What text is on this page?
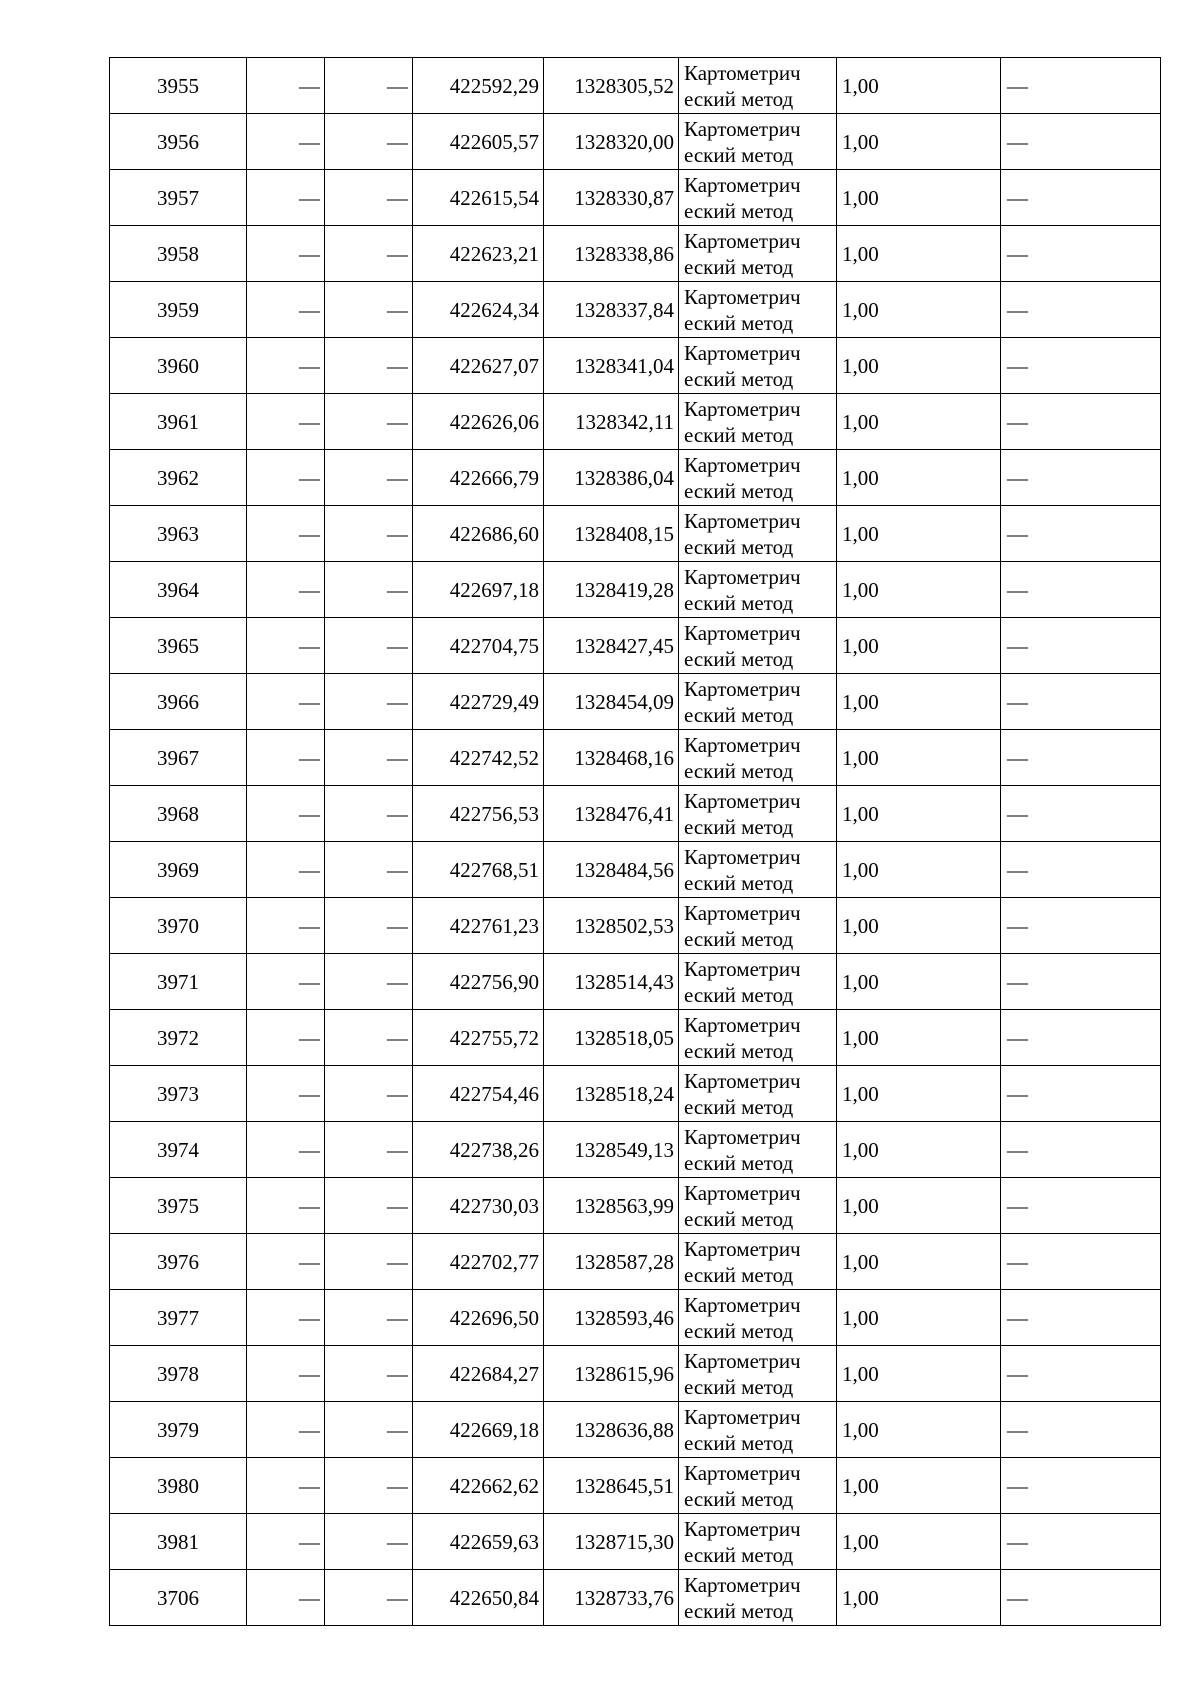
3955	—	—	422592,29	1328305,52	Картометрич
еский метод	1,00	—
3956	—	—	422605,57	1328320,00	Картометрич
еский метод	1,00	—
3957	—	—	422615,54	1328330,87	Картометрич
еский метод	1,00	—
3958	—	—	422623,21	1328338,86	Картометрич
еский метод	1,00	—
3959	—	—	422624,34	1328337,84	Картометрич
еский метод	1,00	—
3960	—	—	422627,07	1328341,04	Картометрич
еский метод	1,00	—
3961	—	—	422626,06	1328342,11	Картометрич
еский метод	1,00	—
3962	—	—	422666,79	1328386,04	Картометрич
еский метод	1,00	—
3963	—	—	422686,60	1328408,15	Картометрич
еский метод	1,00	—
3964	—	—	422697,18	1328419,28	Картометрич
еский метод	1,00	—
3965	—	—	422704,75	1328427,45	Картометрич
еский метод	1,00	—
3966	—	—	422729,49	1328454,09	Картометрич
еский метод	1,00	—
3967	—	—	422742,52	1328468,16	Картометрич
еский метод	1,00	—
3968	—	—	422756,53	1328476,41	Картометрич
еский метод	1,00	—
3969	—	—	422768,51	1328484,56	Картометрич
еский метод	1,00	—
3970	—	—	422761,23	1328502,53	Картометрич
еский метод	1,00	—
3971	—	—	422756,90	1328514,43	Картометрич
еский метод	1,00	—
3972	—	—	422755,72	1328518,05	Картометрич
еский метод	1,00	—
3973	—	—	422754,46	1328518,24	Картометрич
еский метод	1,00	—
3974	—	—	422738,26	1328549,13	Картометрич
еский метод	1,00	—
3975	—	—	422730,03	1328563,99	Картометрич
еский метод	1,00	—
3976	—	—	422702,77	1328587,28	Картометрич
еский метод	1,00	—
3977	—	—	422696,50	1328593,46	Картометрич
еский метод	1,00	—
3978	—	—	422684,27	1328615,96	Картометрич
еский метод	1,00	—
3979	—	—	422669,18	1328636,88	Картометрич
еский метод	1,00	—
3980	—	—	422662,62	1328645,51	Картометрич
еский метод	1,00	—
3981	—	—	422659,63	1328715,30	Картометрич
еский метод	1,00	—
3706	—	—	422650,84	1328733,76	Картометрич
еский метод	1,00	—
